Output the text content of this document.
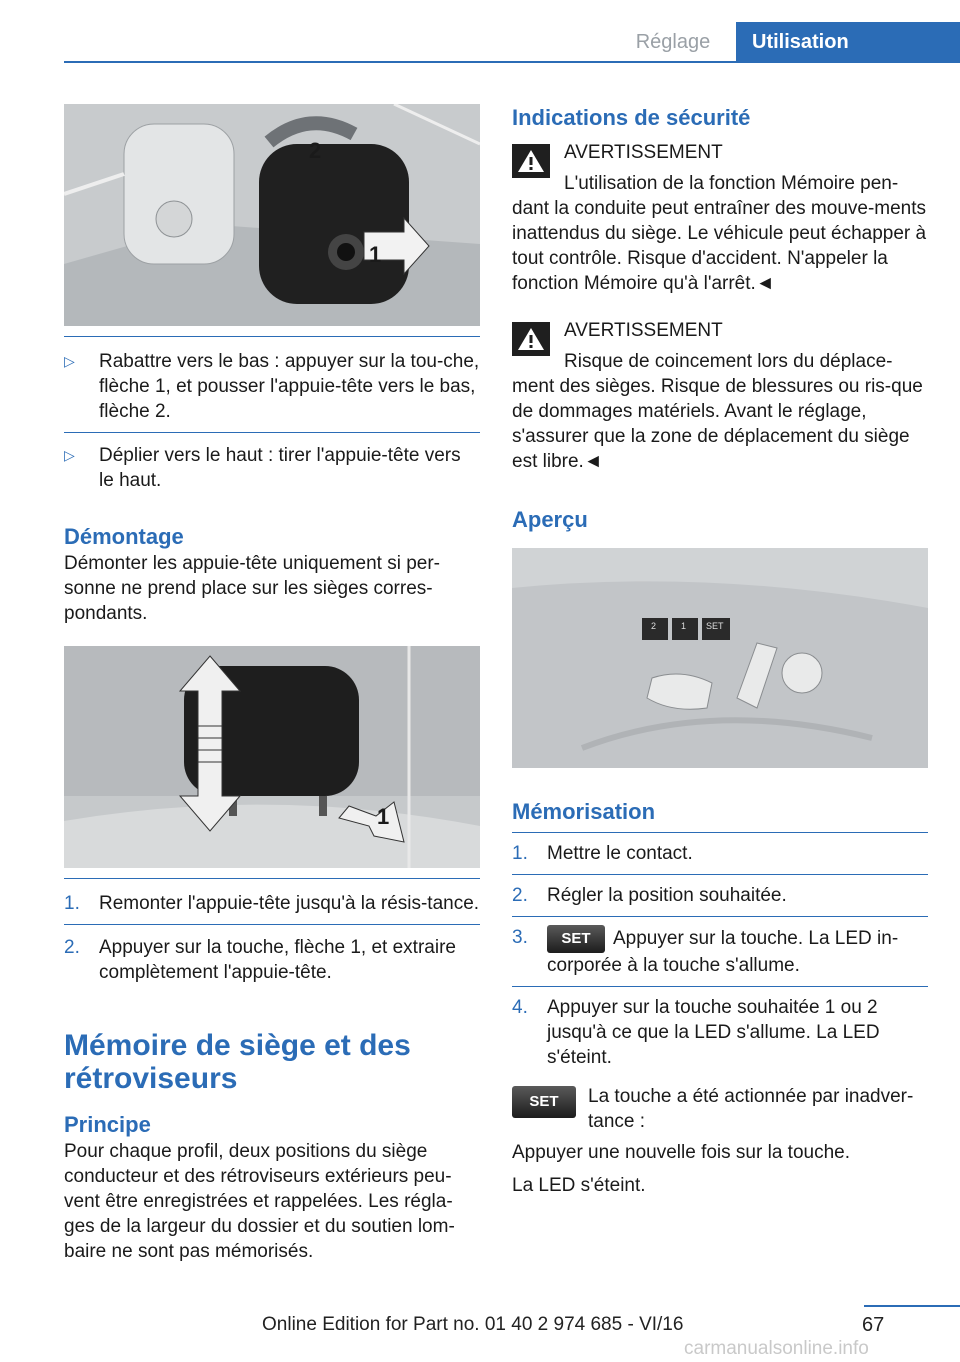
Réglage	Utilisation
2
1
▷ Rabattre vers le bas : appuyer sur la tou-che, flèche 1, et pousser l'appuie-tête vers le bas, flèche 2.
▷ Déplier vers le haut : tirer l'appuie-tête vers le haut.
Démontage

Démonter les appuie-tête uniquement si per-sonne ne prend place sur les sièges corres-pondants.

1
1. Remonter l'appuie-tête jusqu'à la résis-tance.
2. Appuyer sur la touche, flèche 1, et extraire complètement l'appuie-tête.
Mémoire de siège et des rétroviseurs
Principe

Pour chaque profil, deux positions du siège conducteur et des rétroviseurs extérieurs peu-vent être enregistrées et rappelées. Les régla-ges de la largeur du dossier et du soutien lom-baire ne sont pas mémorisés.

Indications de sécurité

AVERTISSEMENT

L'utilisation de la fonction Mémoire pen-dant la conduite peut entraîner des mouve-ments inattendus du siège. Le véhicule peut échapper à tout contrôle. Risque d'accident. N'appeler la fonction Mémoire qu'à l'arrêt.◄

AVERTISSEMENT

Risque de coincement lors du déplace-ment des sièges. Risque de blessures ou ris-que de dommages matériels. Avant le réglage, s'assurer que la zone de déplacement du siège est libre.◄

Aperçu
2	1 SET
Mémorisation
1. Mettre le contact.
2. Régler la position souhaitée.
3. SET Appuyer sur la touche. La LED in-corporée à la touche s'allume.
4. Appuyer sur la touche souhaitée 1 ou 2 jusqu'à ce que la LED s'allume. La LED s'éteint.
SET	La touche a été actionnée par inadver-tance :

Appuyer une nouvelle fois sur la touche.

La LED s'éteint.

Online Edition for Part no. 01 40 2 974 685 - VI/16	67
carmanualsonline.info
